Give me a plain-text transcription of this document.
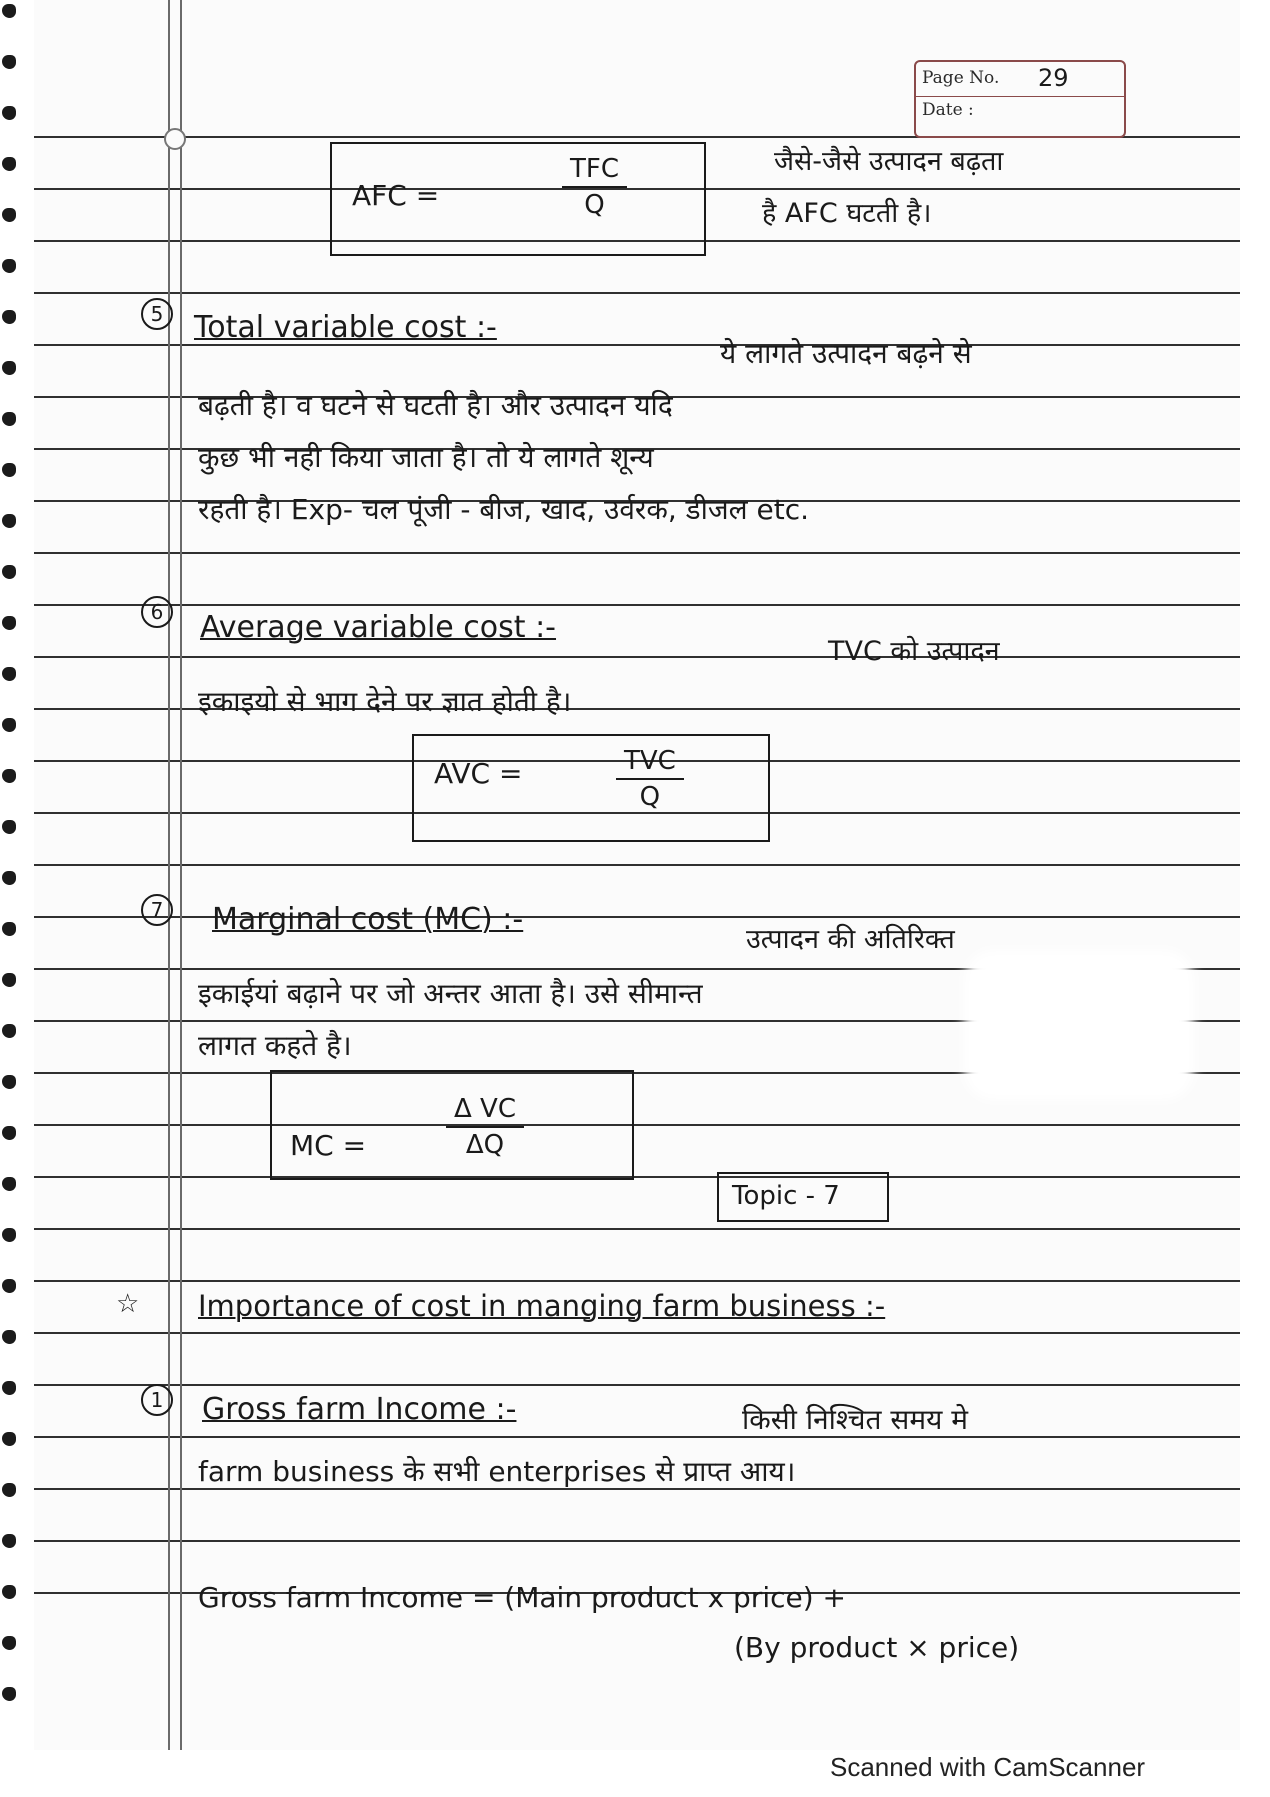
Page No. 29
Date :
AFC =
TFC
Q
जैसे-जैसे उत्पादन बढ़ता
है AFC घटती है।
5	Total variable cost :-
ये लागते उत्पादन बढ़ने से
बढ़ती है। व घटने से घटती है। और उत्पादन यदि
कुछ भी नही किया जाता है। तो ये लागते शून्य
रहती है। Exp- चल पूंजी - बीज, खाद, उर्वरक, डीजल etc.
6	Average variable cost :-
TVC को उत्पादन
इकाइयो से भाग देने पर ज्ञात होती है।
AVC =	TVC
Q
7	Marginal cost (MC) :-
उत्पादन की अतिरिक्त
इकाईयां बढ़ाने पर जो अन्तर आता है। उसे सीमान्त
लागत कहते है।
MC =	$\frac{\text{Δ VC}}{\Delta Q}$
Topic - 7
☆ Importance of cost in manging farm business :-
1	Gross farm Income :-	किसी निश्चित समय मे
farm business के सभी enterprises से प्राप्त आय।
Gross farm Income = (Main product x price) +
(By product × price)
Scanned with CamScanner
